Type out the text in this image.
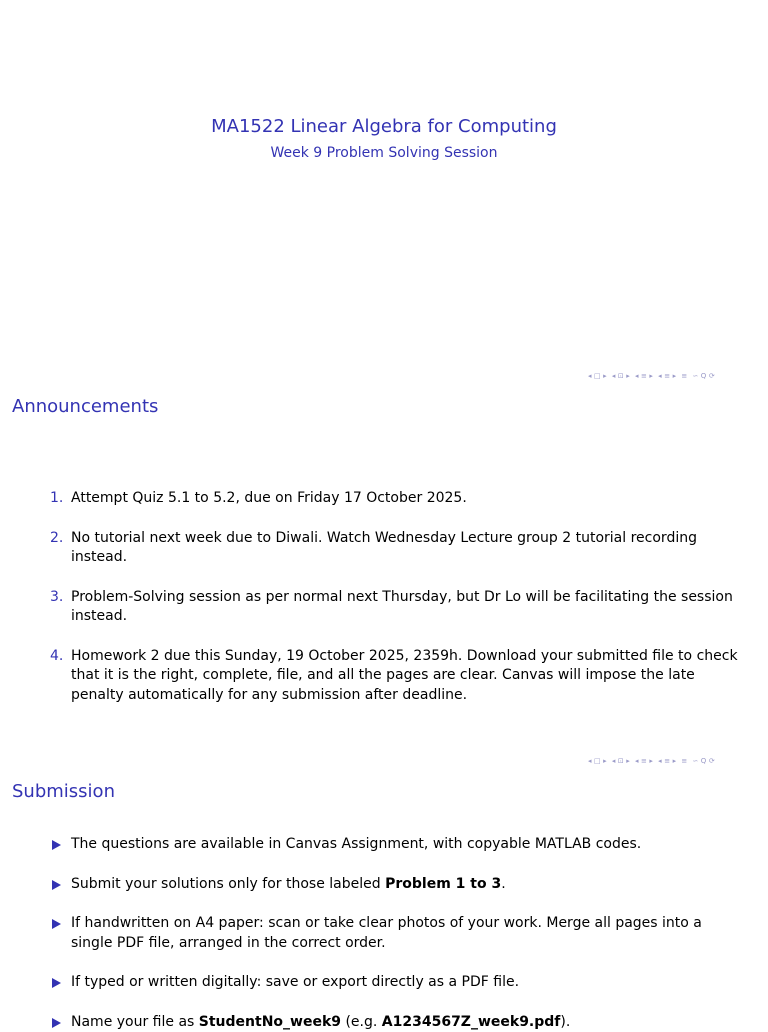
MA1522 Linear Algebra for Computing
Week 9 Problem Solving Session
◂ □ ▸ ◂ ⊡ ▸ ◂ ≡ ▸ ◂ ≡ ▸ ≡ ∽ Q ⟳
Announcements
1. Attempt Quiz 5.1 to 5.2, due on Friday 17 October 2025.
2. No tutorial next week due to Diwali. Watch Wednesday Lecture group 2 tutorial recording instead.
3. Problem-Solving session as per normal next Thursday, but Dr Lo will be facilitating the session instead.
4. Homework 2 due this Sunday, 19 October 2025, 2359h. Download your submitted file to check that it is the right, complete, file, and all the pages are clear. Canvas will impose the late penalty automatically for any submission after deadline.
◂ □ ▸ ◂ ⊡ ▸ ◂ ≡ ▸ ◂ ≡ ▸ ≡ ∽ Q ⟳
Submission
The questions are available in Canvas Assignment, with copyable MATLAB codes.
Submit your solutions only for those labeled Problem 1 to 3.
If handwritten on A4 paper: scan or take clear photos of your work. Merge all pages into a single PDF file, arranged in the correct order.
If typed or written digitally: save or export directly as a PDF file.
Name your file as StudentNo_week9 (e.g. A1234567Z_week9.pdf).
